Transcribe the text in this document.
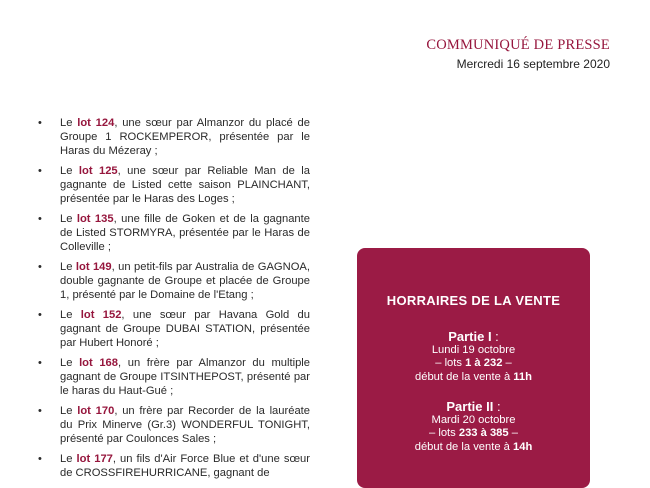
COMMUNIQUÉ DE PRESSE
Mercredi 16 septembre 2020
• Le lot 124, une sœur par Almanzor du placé de Groupe 1 ROCKEMPEROR, présentée par le Haras du Mézeray ;
• Le lot 125, une sœur par Reliable Man de la gagnante de Listed cette saison PLAINCHANT, présentée par le Haras des Loges ;
• Le lot 135, une fille de Goken et de la gagnante de Listed STORMYRA, présentée par le Haras de Colleville ;
• Le lot 149, un petit-fils par Australia de GAGNOA, double gagnante de Groupe et placée de Groupe 1, présenté par le Domaine de l'Etang ;
• Le lot 152, une sœur par Havana Gold du gagnant de Groupe DUBAI STATION, présentée par Hubert Honoré ;
• Le lot 168, un frère par Almanzor du multiple gagnant de Groupe ITSINTHEPOST, présenté par le haras du Haut-Gué ;
• Le lot 170, un frère par Recorder de la lauréate du Prix Minerve (Gr.3) WONDERFUL TONIGHT, présenté par Coulonces Sales ;
• Le lot 177, un fils d'Air Force Blue et d'une sœur de CROSSFIREHURRICANE, gagnant de
HORRAIRES DE LA VENTE
Partie I :
Lundi 19 octobre
– lots 1 à 232 –
début de la vente à 11h
Partie II :
Mardi 20 octobre
– lots 233 à 385 –
début de la vente à 14h
